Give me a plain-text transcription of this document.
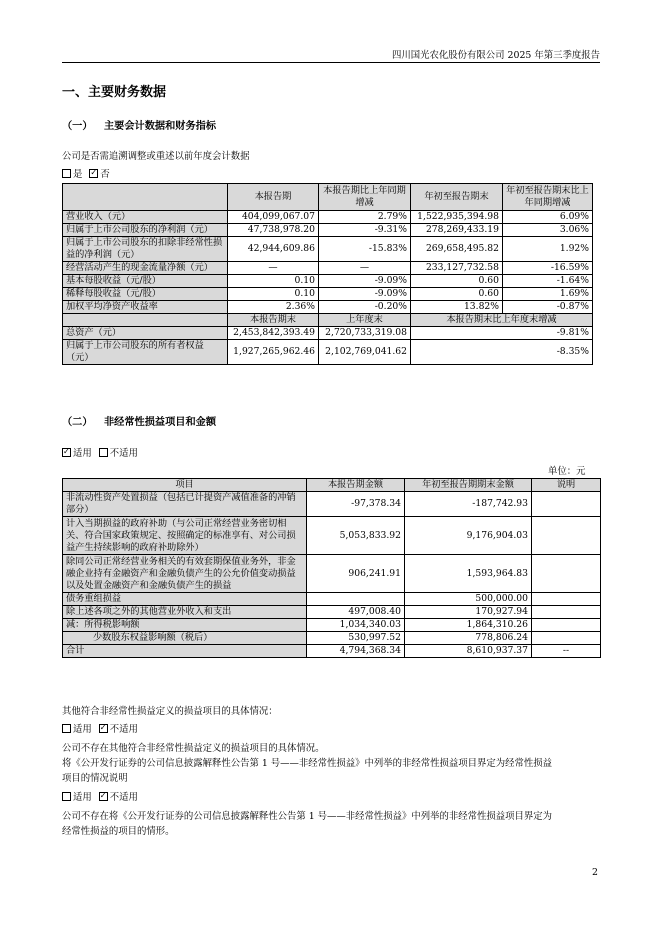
四川国光农化股份有限公司 2025 年第三季度报告
一、主要财务数据
（一） 主要会计数据和财务指标
公司是否需追溯调整或重述以前年度会计数据
是 ✓ 否
	本报告期	本报告期比上年同期增减	年初至报告期末	年初至报告期末比上年同期增减
营业收入（元）	404,099,067.07	2.79%	1,522,935,394.98	6.09%
归属于上市公司股东的净利润（元）	47,738,978.20	-9.31%	278,269,433.19	3.06%
归属于上市公司股东的扣除非经常性损益的净利润（元）	42,944,609.86	-15.83%	269,658,495.82	1.92%
经营活动产生的现金流量净额（元）	—	—	233,127,732.58	-16.59%
基本每股收益（元/股）	0.10	-9.09%	0.60	-1.64%
稀释每股收益（元/股）	0.10	-9.09%	0.60	1.69%
加权平均净资产收益率	2.36%	-0.20%	13.82%	-0.87%
	本报告期末	上年度末	本报告期末比上年度末增减	
总资产（元）	2,453,842,393.49	2,720,733,319.08	-9.81%	
归属于上市公司股东的所有者权益（元）	1,927,265,962.46	2,102,769,041.62	-8.35%	
（二） 非经常性损益项目和金额
✓适用 不适用
单位：元
项目	本报告期金额	年初至报告期期末金额	说明
非流动性资产处置损益（包括已计提资产减值准备的冲销部分）	-97,378.34	-187,742.93	
计入当期损益的政府补助（与公司正常经营业务密切相关、符合国家政策规定、按照确定的标准享有、对公司损益产生持续影响的政府补助除外）	5,053,833.92	9,176,904.03	
除同公司正常经营业务相关的有效套期保值业务外，非金融企业持有金融资产和金融负债产生的公允价值变动损益以及处置金融资产和金融负债产生的损益	906,241.91	1,593,964.83	
债务重组损益		500,000.00	
除上述各项之外的其他营业外收入和支出	497,008.40	170,927.94	
减：所得税影响额	1,034,340.03	1,864,310.26	
少数股东权益影响额（税后）	530,997.52	778,806.24	
合计	4,794,368.34	8,610,937.37	--
其他符合非经常性损益定义的损益项目的具体情况：
适用 ✓ 不适用
公司不存在其他符合非经常性损益定义的损益项目的具体情况。
将《公开发行证券的公司信息披露解释性公告第 1 号——非经常性损益》中列举的非经常性损益项目界定为经常性损益
项目的情况说明
适用 ✓ 不适用
公司不存在将《公开发行证券的公司信息披露解释性公告第 1 号——非经常性损益》中列举的非经常性损益项目界定为
经常性损益的项目的情形。
2
